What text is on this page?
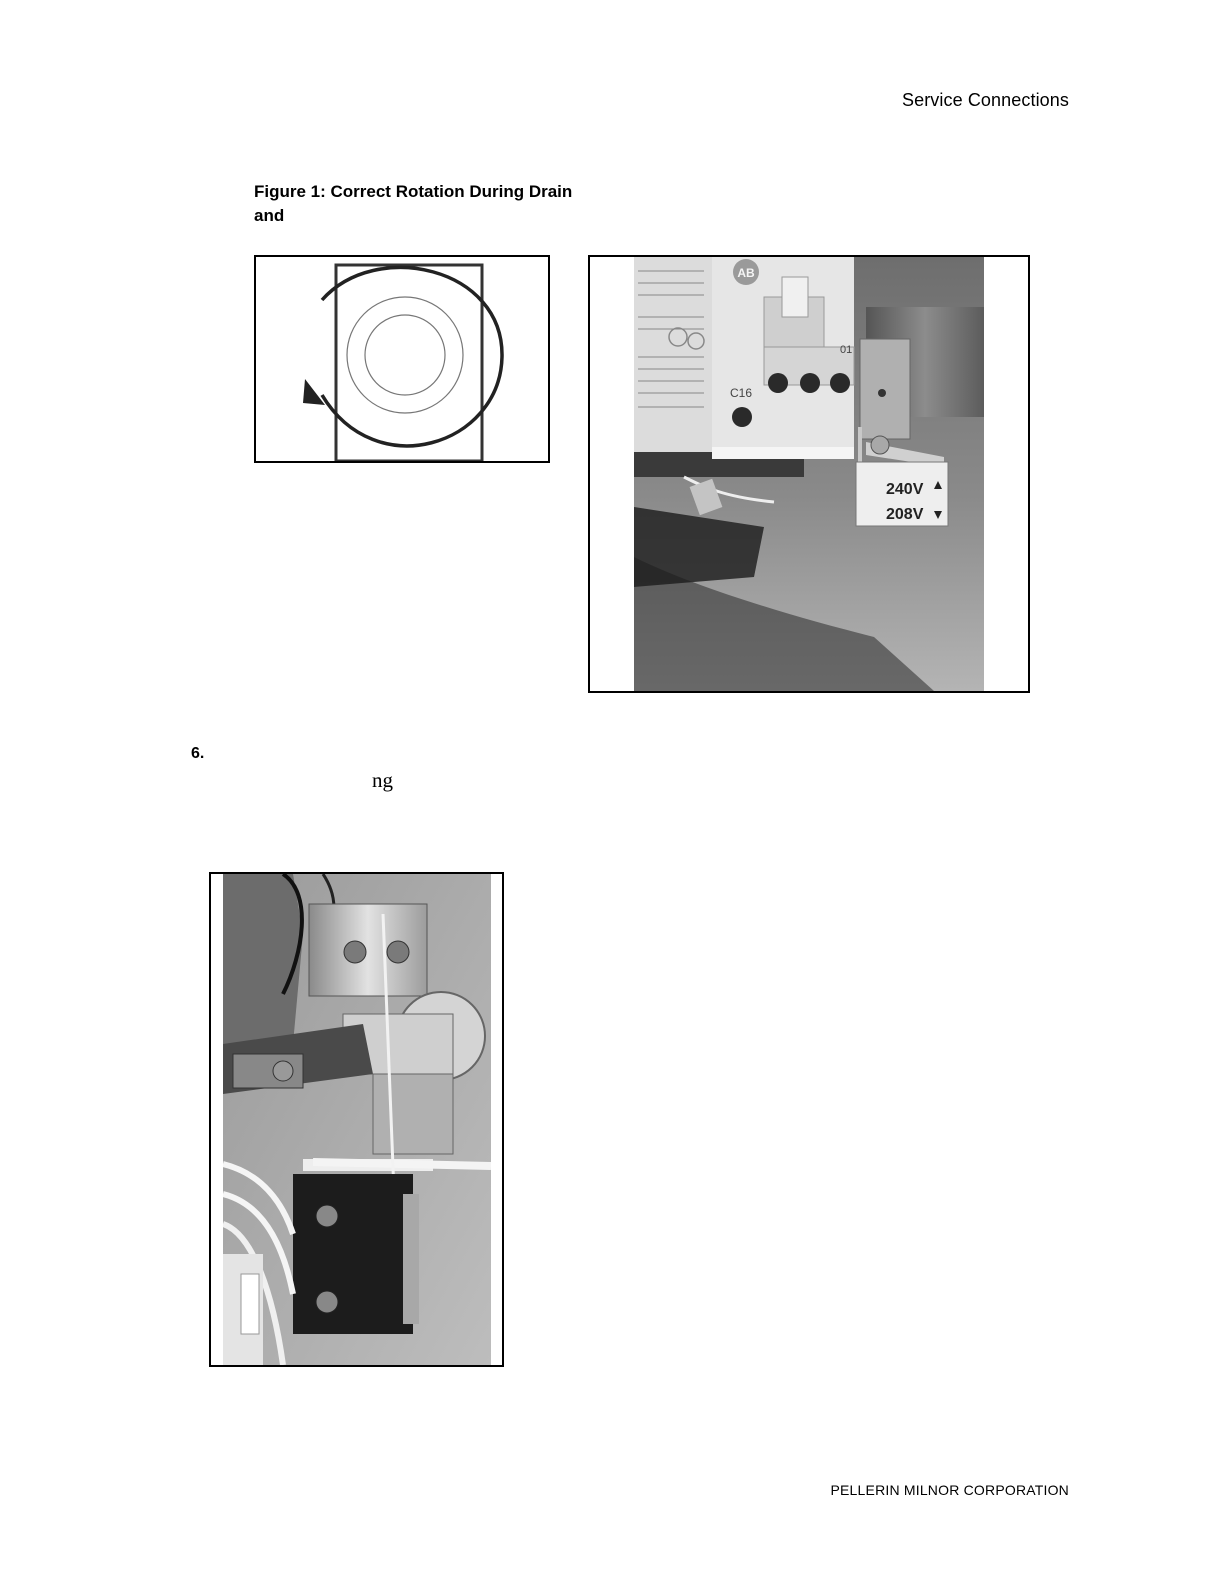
Service Connections
Figure 1: Correct Rotation During Drain and
AB
C16
01
240V
208V
6.
ng
PELLERIN MILNOR CORPORATION
